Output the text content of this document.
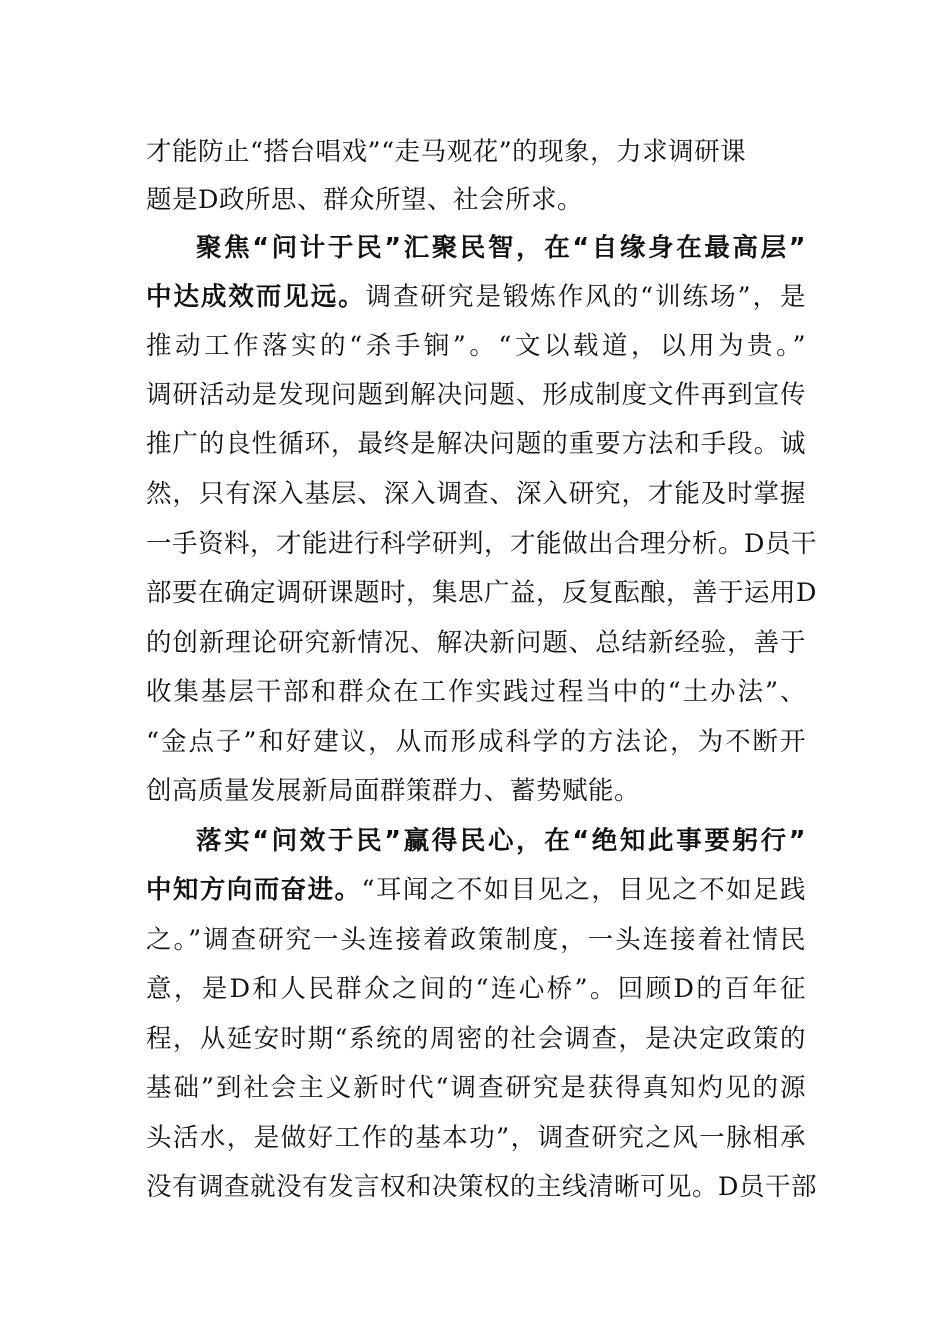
才能防止“搭台唱戏”“走马观花”的现象，力求调研课
题是D政所思、群众所望、社会所求。
聚焦“问计于民”汇聚民智，在“自缘身在最高层”
中达成效而见远。调查研究是锻炼作风的“训练场”，是
推动工作落实的“杀手锏”。“文以载道，以用为贵。”
调研活动是发现问题到解决问题、形成制度文件再到宣传
推广的良性循环，最终是解决问题的重要方法和手段。诚
然，只有深入基层、深入调查、深入研究，才能及时掌握
一手资料，才能进行科学研判，才能做出合理分析。D员干
部要在确定调研课题时，集思广益，反复酝酿，善于运用D
的创新理论研究新情况、解决新问题、总结新经验，善于
收集基层干部和群众在工作实践过程当中的“土办法”、
“金点子”和好建议，从而形成科学的方法论，为不断开
创高质量发展新局面群策群力、蓄势赋能。
落实“问效于民”赢得民心，在“绝知此事要躬行”
中知方向而奋进。“耳闻之不如目见之，目见之不如足践
之。”调查研究一头连接着政策制度，一头连接着社情民
意，是D和人民群众之间的“连心桥”。回顾D的百年征
程，从延安时期“系统的周密的社会调查，是决定政策的
基础”到社会主义新时代“调查研究是获得真知灼见的源
头活水，是做好工作的基本功”，调查研究之风一脉相承
没有调查就没有发言权和决策权的主线清晰可见。D员干部
